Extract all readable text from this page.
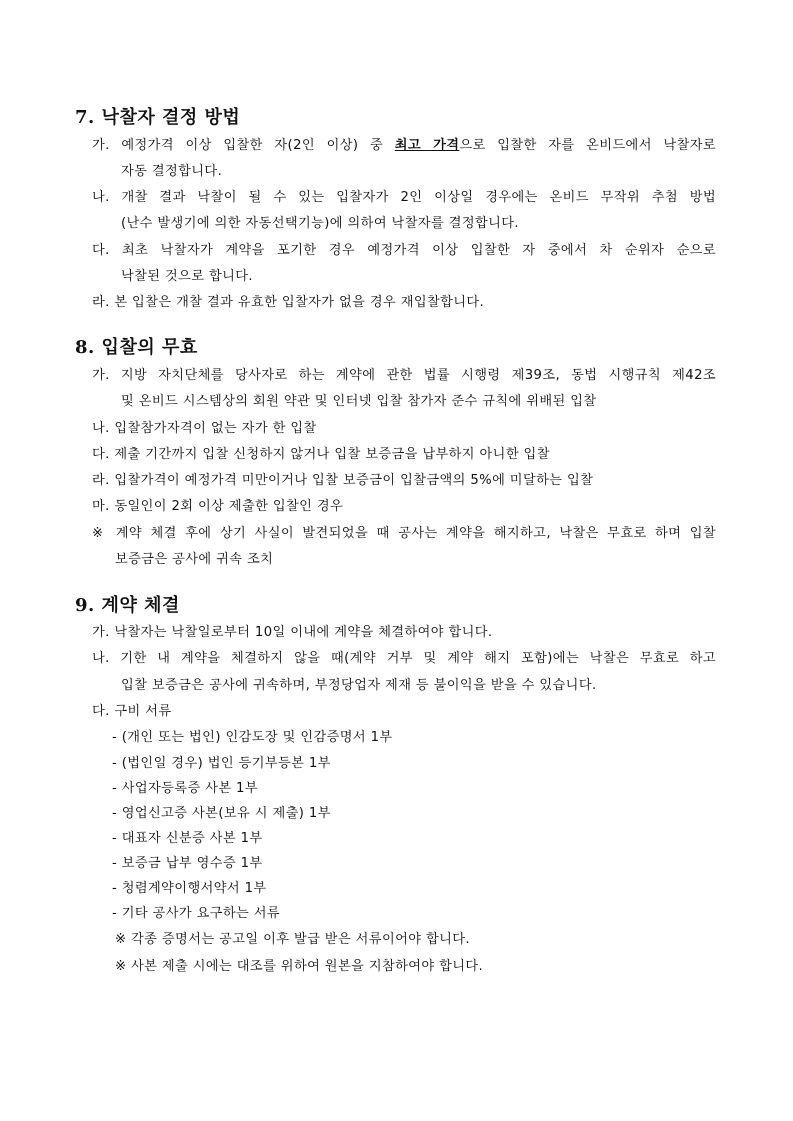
7. 낙찰자 결정 방법

가. 예정가격 이상 입찰한 자(2인 이상) 중 최고 가격으로 입찰한 자를 온비드에서 낙찰자로

자동 결정합니다.

나. 개찰 결과 낙찰이 될 수 있는 입찰자가 2인 이상일 경우에는 온비드 무작위 추첨 방법

(난수 발생기에 의한 자동선택기능)에 의하여 낙찰자를 결정합니다.

다. 최초 낙찰자가 계약을 포기한 경우 예정가격 이상 입찰한 자 중에서 차 순위자 순으로

낙찰된 것으로 합니다.

라. 본 입찰은 개찰 결과 유효한 입찰자가 없을 경우 재입찰합니다.

8. 입찰의 무효

가. 지방 자치단체를 당사자로 하는 계약에 관한 법률 시행령 제39조, 동법 시행규칙 제42조

및 온비드 시스템상의 회원 약관 및 인터넷 입찰 참가자 준수 규칙에 위배된 입찰

나. 입찰참가자격이 없는 자가 한 입찰

다. 제출 기간까지 입찰 신청하지 않거나 입찰 보증금을 납부하지 아니한 입찰

라. 입찰가격이 예정가격 미만이거나 입찰 보증금이 입찰금액의 5%에 미달하는 입찰

마. 동일인이 2회 이상 제출한 입찰인 경우

※ 계약 체결 후에 상기 사실이 발견되었을 때 공사는 계약을 해지하고, 낙찰은 무효로 하며 입찰

보증금은 공사에 귀속 조치

9. 계약 체결

가. 낙찰자는 낙찰일로부터 10일 이내에 계약을 체결하여야 합니다.

나. 기한 내 계약을 체결하지 않을 때(계약 거부 및 계약 해지 포함)에는 낙찰은 무효로 하고

입찰 보증금은 공사에 귀속하며, 부정당업자 제재 등 불이익을 받을 수 있습니다.

다. 구비 서류

- (개인 또는 법인) 인감도장 및 인감증명서 1부

- (법인일 경우) 법인 등기부등본 1부

- 사업자등록증 사본 1부

- 영업신고증 사본(보유 시 제출) 1부

- 대표자 신분증 사본 1부

- 보증금 납부 영수증 1부

- 청렴계약이행서약서 1부

- 기타 공사가 요구하는 서류

※ 각종 증명서는 공고일 이후 발급 받은 서류이어야 합니다.

※ 사본 제출 시에는 대조를 위하여 원본을 지참하여야 합니다.
